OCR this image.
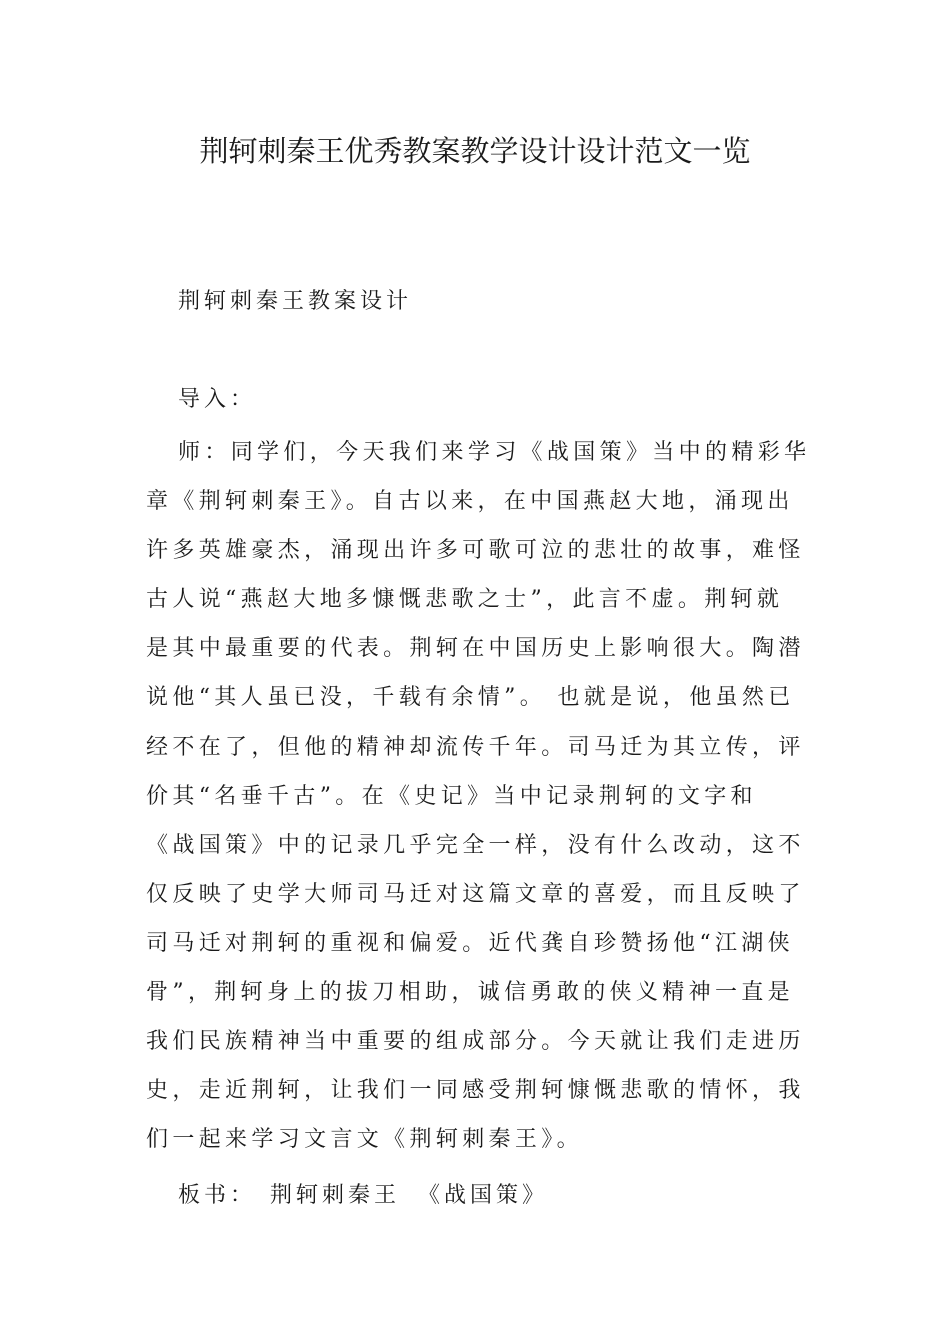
荆轲刺秦王优秀教案教学设计设计范文一览

荆轲刺秦王教案设计

导入：

师：同学们，今天我们来学习《战国策》当中的精彩华

章《荆轲刺秦王》。自古以来，在中国燕赵大地，涌现出

许多英雄豪杰，涌现出许多可歌可泣的悲壮的故事，难怪

古人说“燕赵大地多慷慨悲歌之士”，此言不虚。荆轲就

是其中最重要的代表。荆轲在中国历史上影响很大。陶潜

说他“其人虽已没，千载有余情”。 也就是说，他虽然已

经不在了，但他的精神却流传千年。司马迁为其立传，评

价其“名垂千古”。在《史记》当中记录荆轲的文字和

《战国策》中的记录几乎完全一样，没有什么改动，这不

仅反映了史学大师司马迁对这篇文章的喜爱，而且反映了

司马迁对荆轲的重视和偏爱。近代龚自珍赞扬他“江湖侠

骨”，荆轲身上的拔刀相助，诚信勇敢的侠义精神一直是

我们民族精神当中重要的组成部分。今天就让我们走进历

史，走近荆轲，让我们一同感受荆轲慷慨悲歌的情怀，我

们一起来学习文言文《荆轲刺秦王》。

板书： 荆轲刺秦王 《战国策》
